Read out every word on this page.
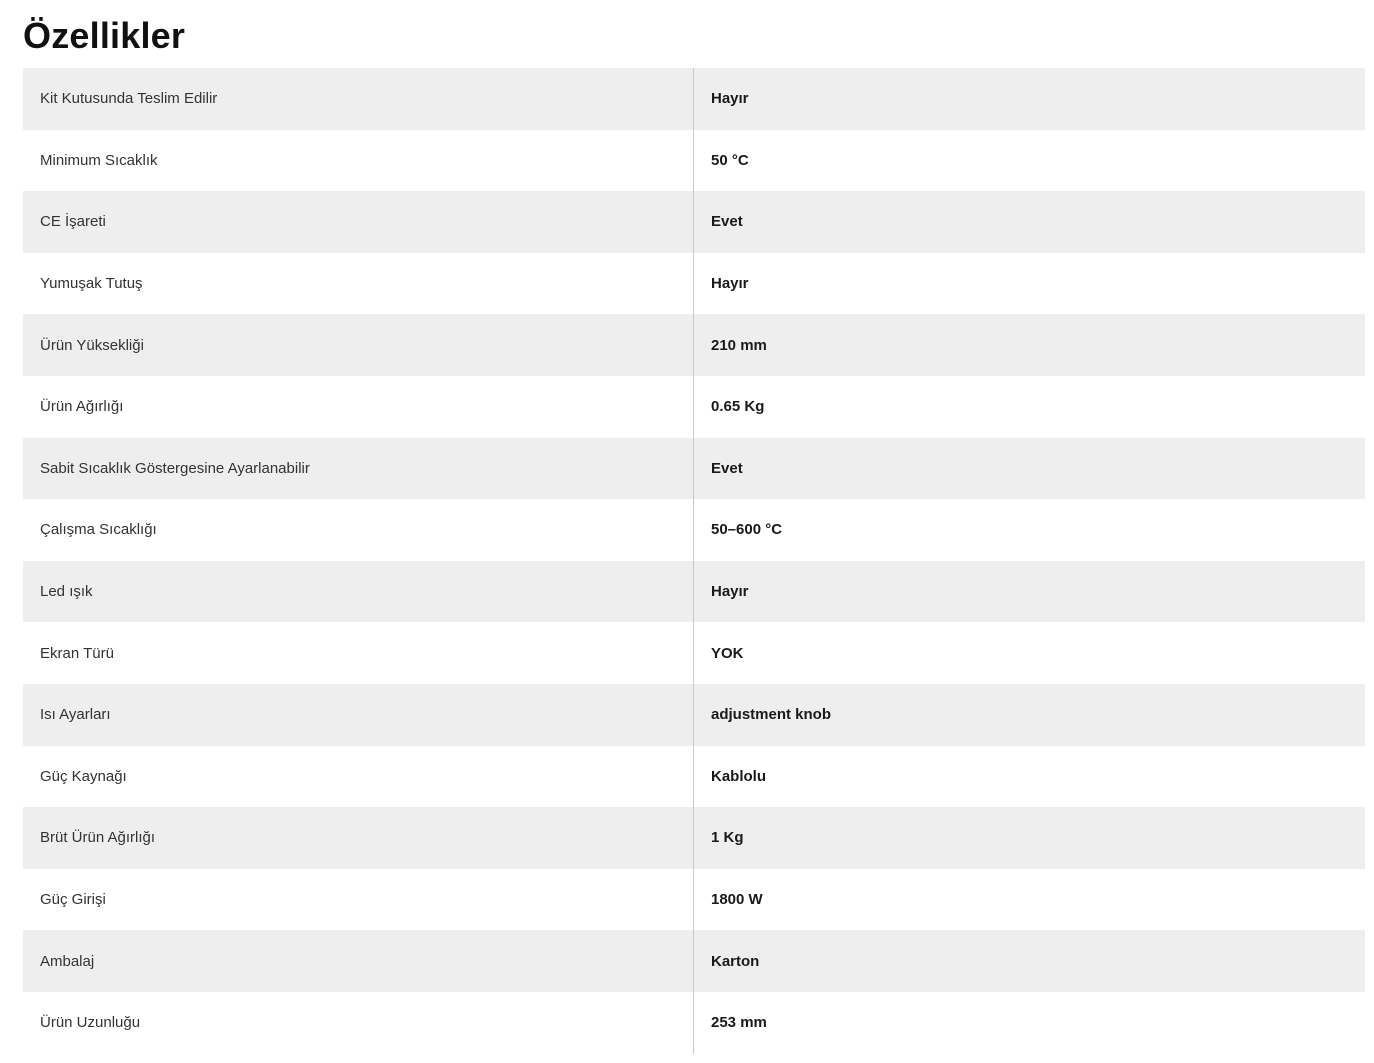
Özellikler
Kit Kutusunda Teslim Edilir	Hayır
Minimum Sıcaklık	50 °C
CE İşareti	Evet
Yumuşak Tutuş	Hayır
Ürün Yüksekliği	210 mm
Ürün Ağırlığı	0.65 Kg
Sabit Sıcaklık Göstergesine Ayarlanabilir	Evet
Çalışma Sıcaklığı	50–600 °C
Led ışık	Hayır
Ekran Türü	YOK
Isı Ayarları	adjustment knob
Güç Kaynağı	Kablolu
Brüt Ürün Ağırlığı	1 Kg
Güç Girişi	1800 W
Ambalaj	Karton
Ürün Uzunluğu	253 mm
